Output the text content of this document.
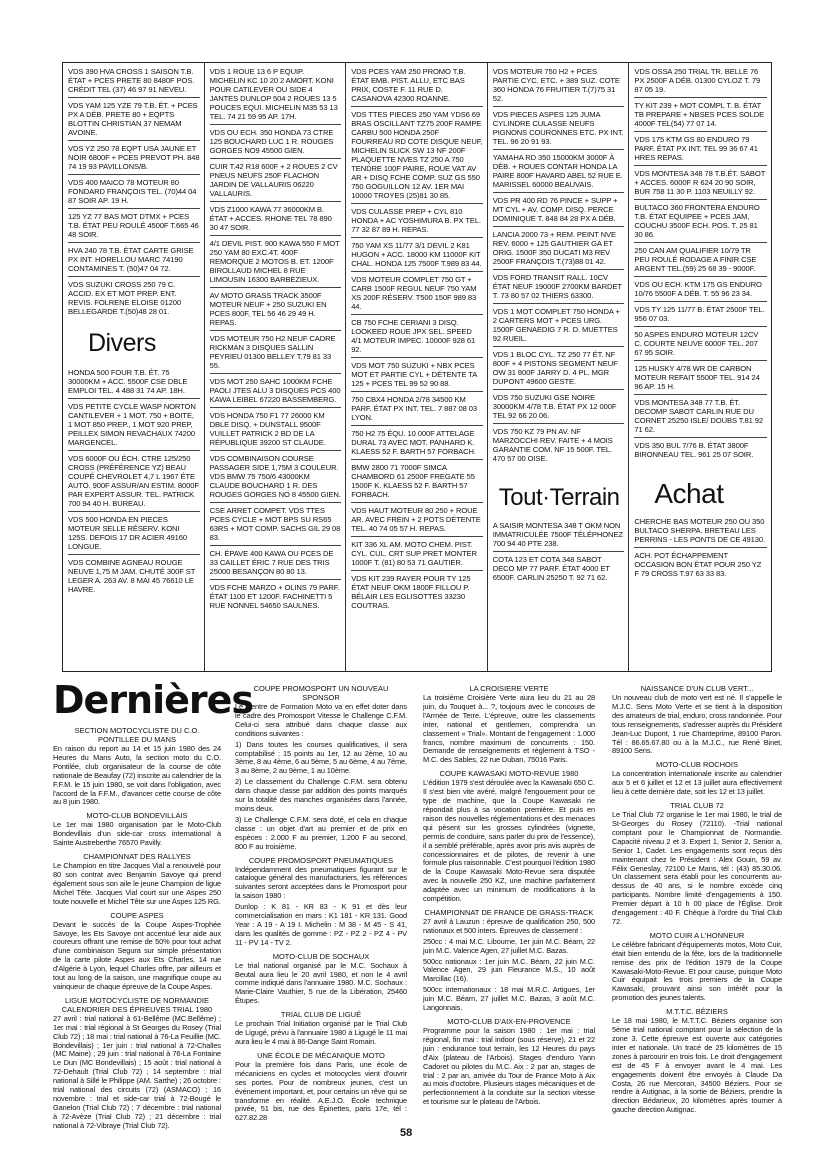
VDS 390 HVA CROSS 1 SAISON T.B. ÉTAT + PCES PRETE 80 8480F POS. CRÉDIT TEL (37) 46 97 91 NEVEU.
VDS YAM 125 YZE 79 T.B. ÉT. + PCES PX A DÉB. PRETE 80 + EQPTS BLOTTIN CHRISTIAN 37 NEMAM AVOINE.
VDS YZ 250 78 EQPT USA JAUNE ET NOIR 6800F + PCES PREVOT PH. 848 74 19 93 PAVILLONS/B.
VDS 400 MAICO 78 MOTEUR 80 FONDARD FRANÇOIS TEL. (70)44 04 87 SOIR AP. 19 H.
125 YZ 77 BAS MOT DTMX + PCES T.B. ÉTAT PEU ROULÉ 4500F T.665 46 48 SOIR.
HVA 240 78 T.B. ÉTAT CARTE GRISE PX INT. HORELLOU MARC 74190 CONTAMINES T. (50)47 04 72.
VDS SUZUKI CROSS 250 79 C. ACCID. EX ET MOT PREP. ENT. REVIS. FOLRENE ELOISE 01200 BELLEGARDE T.(50)48 28 01.
Divers
HONDA 500 FOUR T.B. ÉT. 75 30000KM + ACC. 5500F CSE DBLE EMPLOI TEL. 4 488 31 74 AP. 18H.
VDS PETITE CYCLE WASP NORTON CANTILEVER + 1 MOT. 750 + BOITE, 1 MOT 850 PREP., 1 MOT 920 PREP, PEILLEX SIMON REVACHAUX 74200 MARGENCEL.
VDS 6000F OU ÉCH. CTRE 125/250 CROSS (PRÉFÉRENCE YZ) BEAU COUPÉ CHEVROLET 4,7 L 1967 ÉTE AUTO. 900F ASSUR/AN ESTIM. 8000F PAR EXPERT ASSUR. TEL. PATRICK 700 94 40 H. BUREAU.
VDS 500 HONDA EN PIECES MOTEUR SELLE RÉSERV. KONI 125S. DEFOIS 17 DR ACIER 49160 LONGUE.
VDS COMBINE AGNEAU ROUGE NEUVE 1,75 M JAM. CHUTÉ 300F ST LEGER A. 263 AV. 8 MAI 45 76610 LE HAVRE.
VDS 1 ROUE 13 6 P EQUIP. MICHELIN KC 10 20 2 AMORT. KONI POUR CATILEVER OU SIDE 4 JANTES DUNLOP 504 2 ROUES 13 5 POUCES EQUI. MICHELIN M35 53 13 TEL. 74 21 59 95 AP. 17H.
VDS OU ECH. 350 HONDA 73 CTRE 125 BOUCHARD LUC 1 R. ROUGES GORGES NO9 45500 GIEN.
CUIR T.42 R18 600F + 2 ROUES 2 CV PNEUS NEUFS 250F FLACHON JARDIN DE VALLAURIS 06220 VALLAURIS.
VDS Z1000 KAWA 77 36000KM B. ÉTAT + ACCES. RHONE TEL 78 890 30 47 SOIR.
4/1 DEVIL PIST. 900 KAWA 550 F MOT 250 YAM 80 EXC.4T. 400F REMORQUE 2 MOTOS B. ET. 1200F BIROLLAUD MICHEL 8 RUE LIMOUSIN 16300 BARBEZIEUX.
AV MOTO GRASS TRACK 3500F MOTEUR NEUF + 250 SUZUKI EN PCES 800F, TEL 56 46 29 49 H. REPAS.
VDS MOTEUR 750 H2 NEUF CADRE RICKMAN 3 DISQUES SALLIN PEYRIEU 01300 BELLEY T.79 81 33 55.
VDS MOT 250 SAHC 1000KM FCHE PAOLI JTES ALU 3 DISQUES PCS 400 KAWA LEIBEL 67220 BASSEMBERG.
VDS HONDA 750 F1 77 26000 KM DBLE DISQ. + DUNSTALL 9500F VUILLET PATRICK 2 BD DE LA RÉPUBLIQUE 39200 ST CLAUDE.
VDS COMBINAISON COURSE PASSAGER SIDE 1,75M 3 COULEUR. VDS BMW 75 750/6 43000KM CLAUDE BOUCHARD 1 R. DES ROUGES GORGES NO 8 45500 GIEN.
CSE ARRET COMPET. VDS TTES PCES CYCLE + MOT BPS SU RS65 63RS + MOT COMP. SACHS GIL 29 08 83.
CH. ÉPAVE 400 KAWA OU PCES DE 33 CAILLET ÉRIC 7 RUE DES TRIS 25000 BESANÇON 80 80 13.
VDS FCHE MARZO + OLINS 79 PARF. ÉTAT 1100 ET 1200F. FACHINETTI 5 RUE NONNEL 54650 SAULNES.
VDS PCES YAM 250 PROMO T.B. ÉTAT EMB. PIST. ALLU, ETC BAS PRIX, COSTE F. 11 RUE D. CASANOVA 42300 ROANNE.
VDS TTES PIECES 250 YAM YDS6 69 BRAS OSCILLANT TZ75 200F RAMPE CARBU 500 HONDA 250F FOURREAU RD COTE DISQUE NEUF, MICHELIN SLICK SW 13 NF 200F PLAQUETTE NVES TZ 250 A 750 TENDRE 100F PAIRE, ROUE VAT AV AR + DISQ FCHE COMP. SUZ GS 550 750 GOGUILLON 12 AV. 1ER MAI 10000 TROYES (25)81 30 85.
VDS CULASSE PREP + CYL 810 HONDA + AC YOSHIMURA B. PX TEL. 77 32 87 89 H. REPAS.
750 YAM XS 11/77 3/1 DEVIL 2 K81 HUGON + ACC. 18000 KM 11000F KIT CHAL. HONDA 125 7500F T.989 83 44.
VDS MOTEUR COMPLET 750 GT + CARB 1500F REGUL NEUF 750 YAM XS 200F RÉSERV. T500 150F 989 83 44.
CB 750 FCHE CERIANI 3 DISQ. LOOKEED ROUE JPX SEL. SPEED 4/1 MOTEUR IMPEC. 10000F 928 61 92.
VDS MOT 750 SUZUKI + NBX PCES MOT ET PARTIE CYL + DÉTENTE TA 125 + PCES TEL 99 52 90 88.
750 CBX4 HONDA 2/78 34500 KM PARF. ÉTAT PX INT. TEL. 7 887 08 03 LYON.
750 H2 75 ÉQU. 10 000F ATTELAGE DURAL 73 AVEC MOT. PANHARD K. KLAESS 52 F. BARTH 57 FORBACH.
BMW 2800 71 7000F SIMCA CHAMBORD 61 2500F FREGATE 55 1500F K. KLAESS 52 F. BARTH 57 FORBACH.
VDS HAUT MOTEUR 80 250 + ROUE AR. AVEC FREIN + 2 POTS DÉTENTE TEL. 40 74 05 57 H. REPAS.
KIT 336 XL AM. MOTO CHEM. PIST. CYL. CUL. CRT SUP PRET MONTER 1000F T. (81) 80 53 71 GAUTIER.
VDS KIT 239 RAYER POUR TY 125 ÉTAT NEUF OKM 1800F FILLOU P. BÉLAIR LES EGLISOTTES 33230 COUTRAS.
VDS MOTEUR 750 H2 + PCES PARTIE CYC. ETC. + 389 SUZ. COTE 360 HONDA 76 FRUITIER T.(7)75 31 52.
VDS PIECES ASPES 125 JUMA CYLINDRE CULASSE NEUFS PIGNONS COURONNES ETC. PX INT. TEL. 96 20 91 93.
YAMAHA RD 350 15000KM 3000F À DÉB. + ROUES CONTAR HONDA LA PAIRE 800F HAVARD ABEL 52 RUE E. MARISSEL 60000 BEAUVAIS.
VDS PR 400 RD 76 PINCE + SUPP + MT CYL + AV. COMP. DISQ. PERCE DOMINIQUE T. 848 84 28 PX A DÉB.
LANCIA 2000 73 + REM. PEINT NVE REV. 6000 + 125 GAUTHIER GA ET ORIG. 1500F 350 DUCATI M3 REV 2500F FRANÇOIS T.(73)88 01 42.
VDS FORD TRANSIT RALL. 10CV ÉTAT NEUF 19000F 2700KM BARDET T. 73 80 57 02 THIERS 63300.
VDS 1 MOT COMPLET 750 HONDA + 2 CARTERS MOT + PCES URG. 1500F GENAEDIG 7 R. D. MUETTES 92 RUEIL.
VDS 1 BLOC CYL. TZ 250 77 ÉT. NF 800F + 4 PISTONS SEGMENT NEUF OW 31 800F JARRY D. 4 PL. MGR DUPONT 49600 GESTE.
VDS 750 SUZUKI GSE NOIRE 30000KM 4/78 T.B. ÉTAT PX 12 000F TEL 92 66 20 06.
VDS 750 KZ 79 PN AV. NF MARZOCCHI REV. FAITE + 4 MOIS GARANTIE COM. NF 15 500F. TEL. 470 57 00 OISE.
Tout·Terrain
A SAISIR MONTESA 348 T OKM NON IMMATRICULÉE 7500F TÉLÉPHONEZ 700 94 40 PTE 238.
COTA 123 ET COTA 348 SABOT DECO MP 77 PARF. ÉTAT 4000 ET 6500F. CARLIN 25250 T. 92 71 62.
VDS OSSA 250 TRIAL TR. BELLE 76 PX 2500F A DÉB. 01300 CYLOZ T. 79 87 05 19.
TY KIT 239 + MOT COMPL T. B. ÉTAT TB PREPARE + NBSES PCES SOLDE 4000F TEL(54) 77 07 14.
VDS 175 KTM GS 80 ENDURO 79 PARF. ÉTAT PX INT. TEL 99 36 67 41 HRES REPAS.
VDS MONTESA 348 78 T.B.ÉT. SABOT + ACCES. 6000F R 624 20 90 SOIR, BUR 758 11 30 P. 1103 NEUILLY 92.
BULTACO 360 FRONTERA ENDURO T.B. ÉTAT EQUIPEE + PCES JAM, COUCHU 3500F ECH. POS. T. 25 81 30 86.
250 CAN AM QUALIFIER 10/79 TR PEU ROULÉ RODAGE A FINIR CSE ARGENT TEL.(59) 25 68 39 - 9000F.
VDS OU ECH. KTM 175 GS ENDURO 10/76 5500F A DÉB. T. 55 96 23 34.
VDS TY 125 11/77 B. ÉTAT 2500F TEL. 956 07 03.
50 ASPES ENDURO MOTEUR 12CV C. COURTE NEUVE 6000F TEL. 207 67 95 SOIR.
125 HUSKY 4/78 WR DE CARBON MOTEUR REFAIT 5500F TEL. 914 24 96 AP. 15 H.
VDS MONTESA 348 77 T.B. ÉT. DECOMP SABOT CARLIN RUE DU CORNET 25250 ISLE/ DOUBS T.81 92 71 62.
VDS 350 BUL 7/76 B. ÉTAT 3800F BIRONNEAU TEL. 961 25 07 SOIR.
Achat
CHERCHE BAS MOTEUR 250 OU 350 BULTACO SHERPA. BRETEAU LES PERRINS - LES PONTS DE CE 49130.
ACH. POT ÉCHAPPEMENT OCCASION BON ÉTAT POUR 250 YZ F 79 CROSS T.97 63 33 83.
Dernières
SECTION MOTOCYCLISTE DU C.O. PONTILLEE DU MANS

En raison du report au 14 et 15 juin 1980 des 24 Heures du Mans Auto, la section moto du C.O. Pontilée, club organisateur de la course de côte nationale de Beaufay (72) inscrite au calendrier de la F.F.M. le 15 juin 1980, se voit dans l'obligation, avec l'accord de la F.F.M., d'avancer cette course de côte au 8 juin 1980.

MOTO-CLUB BONDEVILLAIS

Le 1er mai 1980 organisation par le Moto-Club Bondevillais d'un side-car cross international à Sainte Austreberthe 76570 Pavilly.

CHAMPIONNAT DES RALLYES

Le Champion en titre Jacques Vial a renouvelé pour 80 son contrat avec Benjamin Savoye qui prend également sous son aile le jeune Champion de ligue Michel Tête. Jacques Vial court sur une Aspes 250 toute nouvelle et Michel Tête sur une Aspes 125 RG.

COUPE ASPES

Devant le succès de la Coupe Aspes-Trophée Savoye, les Ets Savoye ont accentué leur aide aux coureurs offrant une remise de 50% pour tout achat d'une combinaison Segura sur simple présentation de la carte pilote Aspes aux Ets Charles, 14 rue d'Algérie à Lyon, lequel Charles offre, par ailleurs et tout au long de la saison, une magnifique coupe au vainqueur de chaque épreuve de la Coupe Aspes.

LIGUE MOTOCYCLISTE DE NORMANDIE CALENDRIER DES ÉPREUVES TRIAL 1980

27 avril : trial national à 61-Bellême (MC.Bellême) ; 1er mai : trial régional à St Georges du Rosey (Trial Club 72) ; 18 mai : trial national à 76-La Feuillie (MC. Bondevillais) ; 1er juin : trial national à 72-Challes (MC Maine) ; 29 juin : trial national à 76-La Fontaine Le Dun (MC Bondevillais) ; 15 août : trial national à 72-Dehault (Trial Club 72) ; 14 septembre : trial national à Sillé le Philippe (AM. Sarthe) ; 26 octobre : trial national des circuits (72) (ASMACO) ; 16 novembre : trial et side-car trial à 72-Bougé le Ganelon (Trial Club 72) ; 7 décembre : trial national à 72-Avèze (Trial Club 72) ; 21 décembre : trial national à 72-Vibraye (Trial Club 72).

COUPE PROMOSPORT UN NOUVEAU SPONSOR

Le Centre de Formation Moto va en effet doter dans le cadre des Promosport Vitesse le Challenge C.F.M. Celui-ci sera attribué dans chaque classe aux conditions suivantes :

1) Dans toutes les courses qualificatives, il sera comptabilisé : 15 points au 1er, 12 au 2ème, 10 au 3ème, 8 au 4ème, 6 au 5ème, 5 au 6ème, 4 au 7ème, 3 au 8ème, 2 au 9ème, 1 au 10ème.

2) Le classement du Challenge C.F.M. sera obtenu dans chaque classe par addition des points marqués sur la totalité des manches organisées dans l'année, moins deux.

3) Le Challenge C.F.M. sera doté, et cela en chaque classe : un objet d'art au premier et de prix en espèces : 2.000 F au premier, 1.200 F au second, 800 F au troisième.

COUPE PROMOSPORT PNEUMATIQUES

Indépendamment des pneumatiques figurant sur le catalogue général des manufacturiers, les références suivantes seront acceptées dans le Promosport pour la saison 1980 :

Dunlop : K 81 - KR 83 - K 91 et dès leur commercialisation en mars : K1 181 - KR 131. Good Year : A 19 - A 19 I. Michelin : M 38 - M 45 - S 41, dans les qualités de gomme : PZ - PZ 2 - PZ 4 - PV 11 - PV 14 - TV 2.

MOTO-CLUB DE SOCHAUX

Le trial national organisé par le M.C. Sochaux à Beutal aura lieu le 20 avril 1980, et non le 4 avril comme indiqué dans l'annuaire 1980. M.C. Sochaux : Marie-Claire Vauthier, 5 rue de la Libération, 25460 Étupes.

TRIAL CLUB DE LIGUÉ

Le prochain Trial Initiation organisé par le Trial Club de Ligugé, prévu à l'annuaire 1980 à Ligugé le 11 mai aura lieu le 4 mai à 86-Dange Saint Romain.

UNE ÉCOLE DE MÉCANIQUE MOTO

Pour la première fois dans Paris, une école de mécaniciens en cycles et motocycles vient d'ouvrir ses portes. Pour de nombreux jeunes, c'est un événement important, et, pour certains un rêve qui se transforme en réalité. A.E.J.O. École technique privée, 51 bis, rue des Épinettes, paris 17e, tél : 627.82.28

LA CROISIERE VERTE

La troisième Croisière Verte aura lieu du 21 au 28 juin, du Touquet à... ?, toujours avec le concours de l'Armée de Terre. L'épreuve, outre les classements inter, national et gentlemen, comprendra un classement « Trial». Montant de l'engagement : 1.000 francs, nombre maximum de concurrents : 150. Demande de renseignements et règlement à TSO - M.C. des Sables, 22 rue Duban, 75016 Paris.

COUPE KAWASAKI MOTO-REVUE 1980

L'édition 1979 s'est déroulée avec la Kawasaki 650 C. Il s'est bien vite avéré, malgré l'engouement pour ce type de machine, que la Coupe Kawasaki ne répondait plus à sa vocation première. Et puis en raison des nouvelles réglementations et des menaces qui pèsent sur les grosses cylindrées (vignette, permis de conduire, sans parler du prix de l'essence), il a semblé préférable, après avoir pris avis auprès de concessionnaires et de pilotes, de revenir à une formule plus raisonnable. C'est pourquoi l'édition 1980 de la Coupe Kawasaki Moto-Revue sera disputée avec la nouvelle 250 KZ, une machine parfaitement adaptée avec un minimum de modifications à la compétition.

CHAMPIONNAT DE FRANCE DE GRASS-TRACK

27 avril à Lauzun : épreuve de qualification 250, 500 nationaux et 500 inters. Épreuves de classement :

250cc : 4 mai M.C. Libourne, 1er juin M.C. Béarn, 22 juin M.C. Valence Agen, 27 juillet M.C. Bazas.

500cc nationaux : 1er juin M.C. Béarn, 22 juin M.C. Valence Agen, 29 juin Fleurance M.S., 10 août Marcillac (16).

500cc internationaux : 18 mai M.R.C. Artigues, 1er juin M.C. Béarn, 27 juillet M.C. Bazas, 3 août M.C. Langonnais.

MOTO-CLUB D'AIX-EN-PROVENCE

Programme pour la saison 1980 : 1er mai : trial régional, fin mai : trial indoor (sous réserve), 21 et 22 juin : endurance tout terrain, les 12 Heures du pays d'Aix (plateau de l'Arbois). Stages d'enduro Yann Cadoret ou pilotes du M.C. Aix : 2 par an, stages de trial : 2 par an, arrivée du Tour de France Moto à Aix au mois d'octobre. Plusieurs stages mécaniques et de perfectionnement à la conduite sur la section vitesse et tourisme sur le plateau de l'Arbois.

NAISSANCE D'UN CLUB VERT...

Un nouveau club de moto vert est né. Il s'appelle le M.J.C. Sens Moto Verte et se tient à la disposition des amateurs de trial, enduro, cross randonnée. Pour tous renseignements, s'adresser auprès du Président Jean-Luc Dupont, 1 rue Chanteprime, 89100 Paron. Tél : 86.65.67.80 ou à la M.J.C., rue René Binet, 89100 Sens.

MOTO-CLUB ROCHOIS

La concentration internationale inscrite au calendrier aux 5 et 6 juillet et 12 et 13 juillet aura effectivement lieu à cette dernière date, soit les 12 et 13 juillet.

TRIAL CLUB 72

Le Trial Club 72 organise le 1er mai 1980, le trial de St-Georges du Rosey (72110). -Trial national comptant pour le Championnat de Normandie. Capacité niveau 2 et 3. Expert 1, Senior 2, Senior a, Senior 1, Cadet. Les engagements sont reçus dès maintenant chez le Président : Alex Gouin, 59 av. Félix Geneslay, 72100 Le Mans, tél : (43) 85.30.06. Un classement sera établi pour les concurrents au-dessus de 40 ans, si le nombre excède cinq participants. Nombre limité d'engagements à 150. Premier départ à 10 h 00 place de l'Église. Droit d'engagement : 40 F. Chèque à l'ordre du Trial Club 72.

MOTO CUIR A L'HONNEUR

Le célèbre fabricant d'équipements motos, Moto Cuir, était bien entendu de la fête, lors de la traditionnelle remise des prix de l'édition 1979 de la Coupe Kawasaki-Moto-Revue. Et pour cause, puisque Moto Cuir équipait les trois premiers de la Coupe Kawasaki, prouvant ainsi son intérêt pour la promotion des jeunes talents.

M.T.T.C. BÉZIERS

Le 18 mai 1980, le M.T.T.C. Béziers organise son 5ème trial national comptant pour la sélection de la zone 3. Cette épreuve est ouverte aux catégories inter et nationale. Un tracé de 25 kilomètres de 15 zones à parcourir en trois fois. Le droit d'engagement est de 45 F à envoyer avant le 4 mai. Les engagements doivent être envoyés à Claude Da Costa, 26 rue Mercoran, 34500 Béziers. Pour se rendre à Autignac, à la sortie de Béziers, prendre la direction Bédarieux, 20 kilomètres après tourner à gauche direction Autignac.

58
